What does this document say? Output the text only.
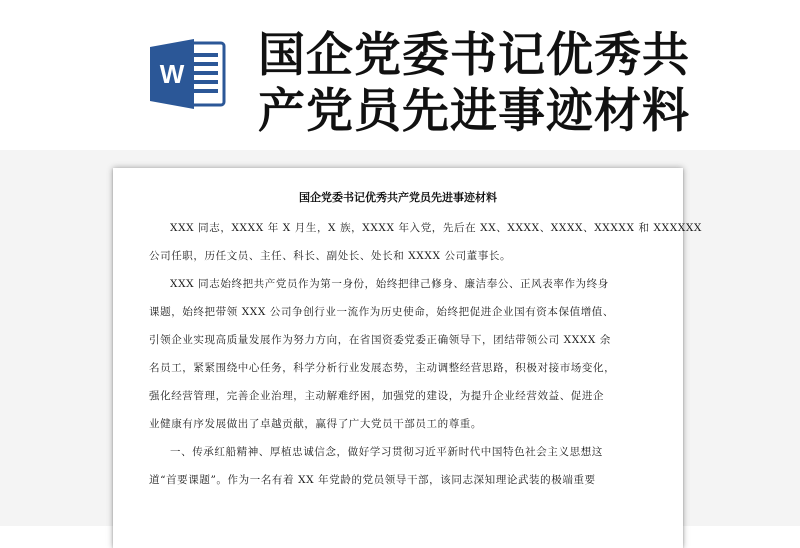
W 国企党委书记优秀共
产党员先进事迹材料
国企党委书记优秀共产党员先进事迹材料
XXX 同志，XXXX 年 X 月生，X 族，XXXX 年入党，先后在 XX、XXXX、XXXX、XXXXX 和 XXXXXX
公司任职，历任文员、主任、科长、副处长、处长和 XXXX 公司董事长。
XXX 同志始终把共产党员作为第一身份，始终把律己修身、廉洁奉公、正风表率作为终身
课题，始终把带领 XXX 公司争创行业一流作为历史使命，始终把促进企业国有资本保值增值、
引领企业实现高质量发展作为努力方向，在省国资委党委正确领导下，团结带领公司 XXXX 余
名员工，紧紧围绕中心任务，科学分析行业发展态势，主动调整经营思路，积极对接市场变化，
强化经营管理，完善企业治理，主动解难纾困，加强党的建设，为提升企业经营效益、促进企
业健康有序发展做出了卓越贡献，赢得了广大党员干部员工的尊重。
一、传承红船精神、厚植忠诚信念，做好学习贯彻习近平新时代中国特色社会主义思想这
道“首要课题”。作为一名有着 XX 年党龄的党员领导干部，该同志深知理论武装的极端重要
